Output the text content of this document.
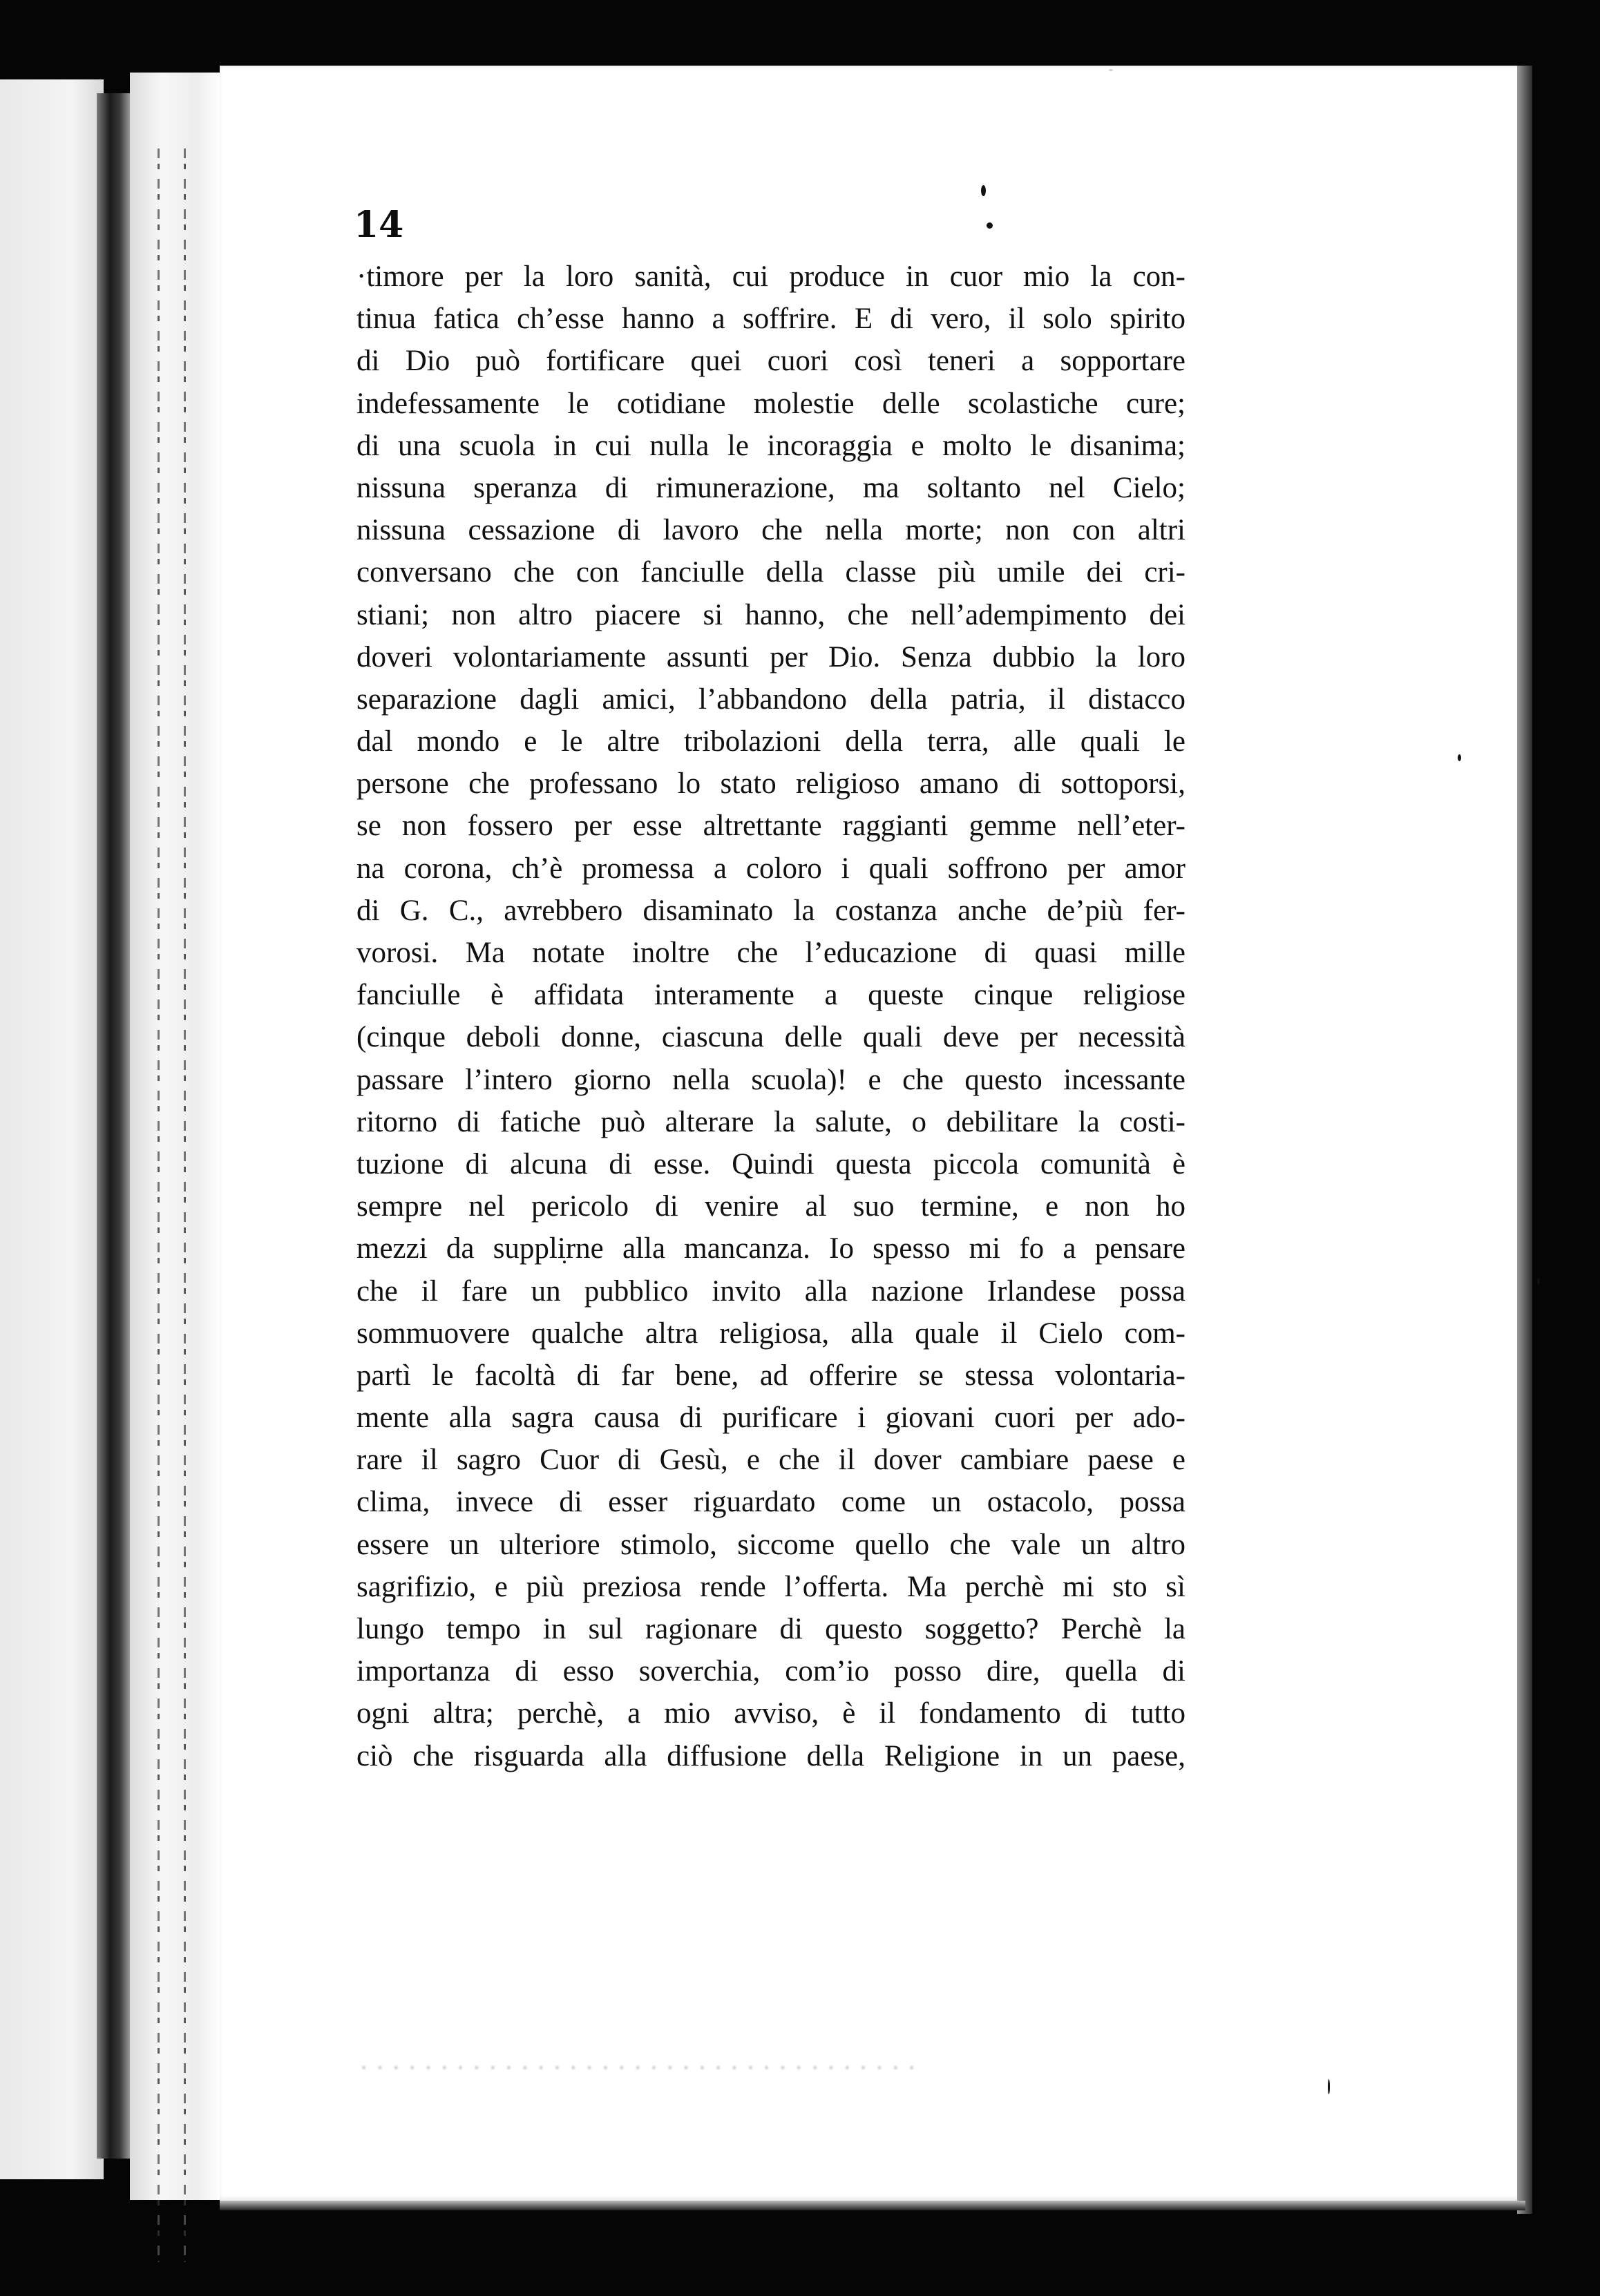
14

·timore per la loro sanità, cui produce in cuor mio la con-
tinua fatica ch’esse hanno a soffrire. E di vero, il solo spirito
di Dio può fortificare quei cuori così teneri a sopportare
indefessamente le cotidiane molestie delle scolastiche cure;
di una scuola in cui nulla le incoraggia e molto le disanima;
nissuna speranza di rimunerazione, ma soltanto nel Cielo;
nissuna cessazione di lavoro che nella morte; non con altri
conversano che con fanciulle della classe più umile dei cri-
stiani; non altro piacere si hanno, che nell’adempimento dei
doveri volontariamente assunti per Dio. Senza dubbio la loro
separazione dagli amici, l’abbandono della patria, il distacco
dal mondo e le altre tribolazioni della terra, alle quali le
persone che professano lo stato religioso amano di sottoporsi,
se non fossero per esse altrettante raggianti gemme nell’eter-
na corona, ch’è promessa a coloro i quali soffrono per amor
di G. C., avrebbero disaminato la costanza anche de’più fer-
vorosi. Ma notate inoltre che l’educazione di quasi mille
fanciulle è affidata interamente a queste cinque religiose
(cinque deboli donne, ciascuna delle quali deve per necessità
passare l’intero giorno nella scuola)! e che questo incessante
ritorno di fatiche può alterare la salute, o debilitare la costi-
tuzione di alcuna di esse. Quindi questa piccola comunità è
sempre nel pericolo di venire al suo termine, e non ho
mezzi da supplirne alla mancanza. Io spesso mi fo a pensare
che il fare un pubblico invito alla nazione Irlandese possa
sommuovere qualche altra religiosa, alla quale il Cielo com-
partì le facoltà di far bene, ad offerire se stessa volontaria-
mente alla sagra causa di purificare i giovani cuori per ado-
rare il sagro Cuor di Gesù, e che il dover cambiare paese e
clima, invece di esser riguardato come un ostacolo, possa
essere un ulteriore stimolo, siccome quello che vale un altro
sagrifizio, e più preziosa rende l’offerta. Ma perchè mi sto sì
lungo tempo in sul ragionare di questo soggetto? Perchè la
importanza di esso soverchia, com’io posso dire, quella di
ogni altra; perchè, a mio avviso, è il fondamento di tutto
ciò che risguarda alla diffusione della Religione in un paese,

· · · · · · · · · · · · · · · · · · · · · · · · · · · · · · · · · · ·
